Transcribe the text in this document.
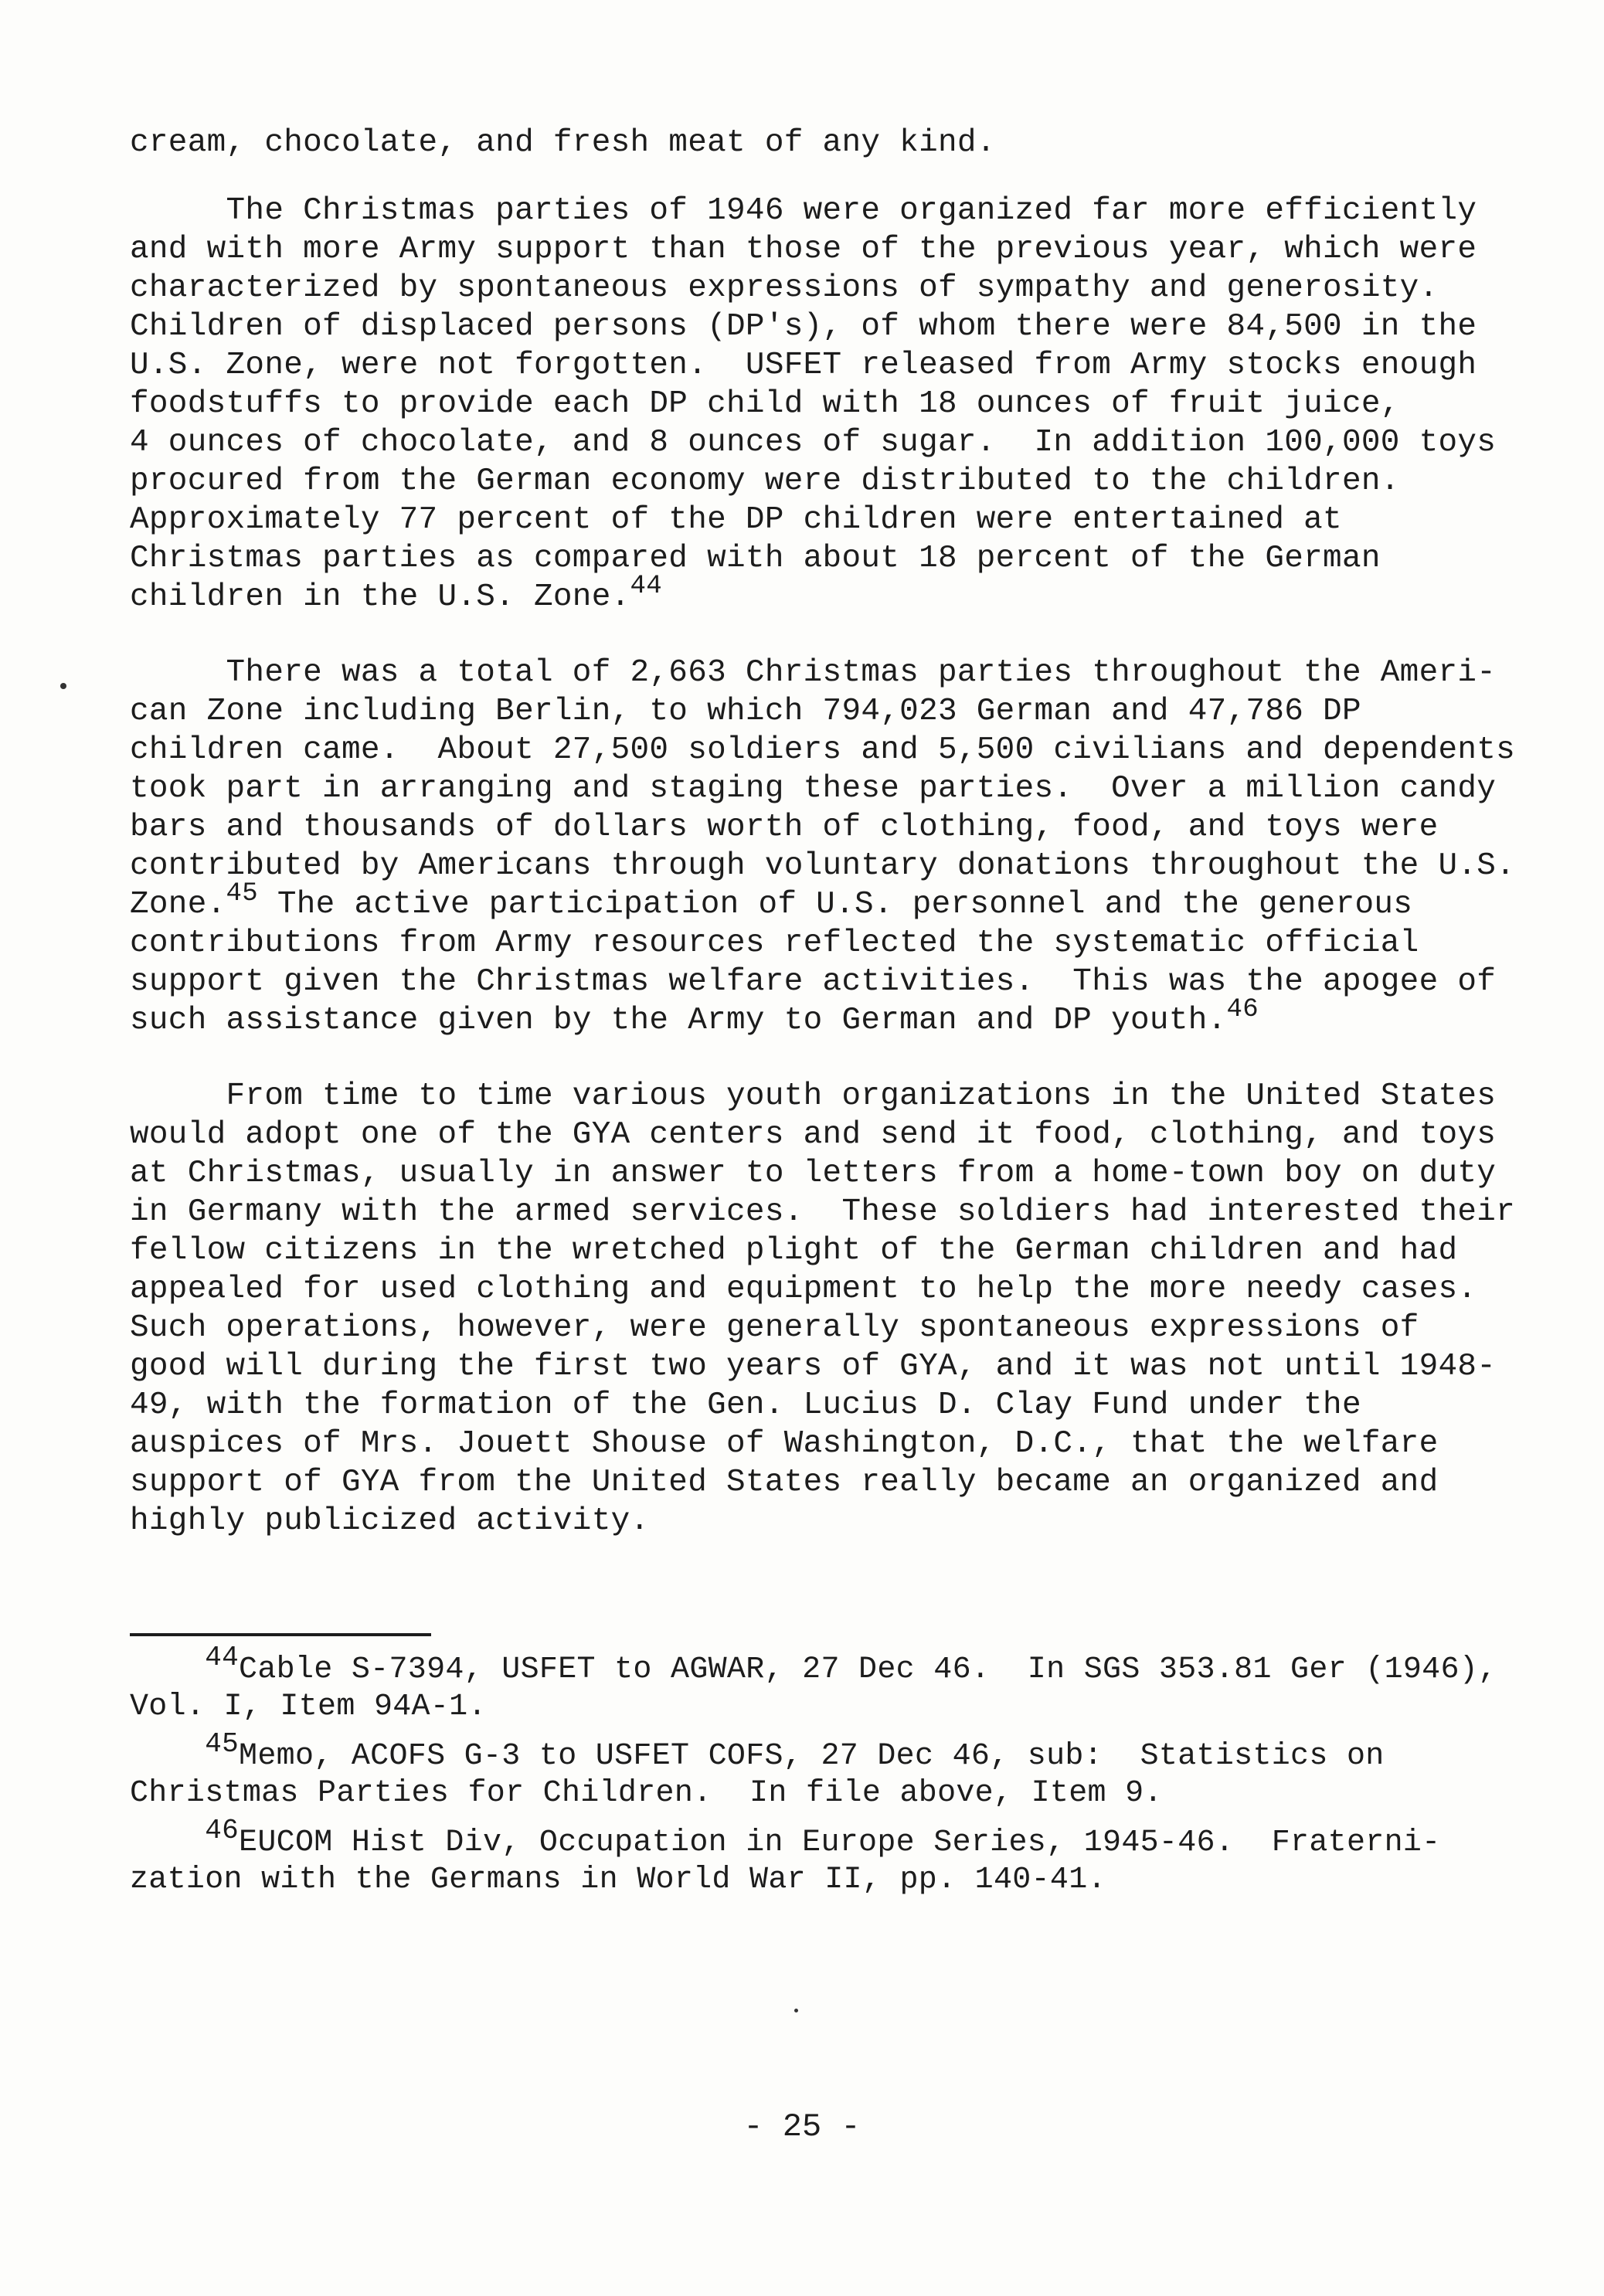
cream, chocolate, and fresh meat of any kind.
The Christmas parties of 1946 were organized far more efficiently
and with more Army support than those of the previous year, which were
characterized by spontaneous expressions of sympathy and generosity.
Children of displaced persons (DP's), of whom there were 84,500 in the
U.S. Zone, were not forgotten.  USFET released from Army stocks enough
foodstuffs to provide each DP child with 18 ounces of fruit juice,
4 ounces of chocolate, and 8 ounces of sugar.  In addition 100,000 toys
procured from the German economy were distributed to the children.
Approximately 77 percent of the DP children were entertained at
Christmas parties as compared with about 18 percent of the German
children in the U.S. Zone.$^{44}$
There was a total of 2,663 Christmas parties throughout the Ameri-
can Zone including Berlin, to which 794,023 German and 47,786 DP
children came.  About 27,500 soldiers and 5,500 civilians and dependents
took part in arranging and staging these parties.  Over a million candy
bars and thousands of dollars worth of clothing, food, and toys were
contributed by Americans through voluntary donations throughout the U.S.
Zone.$^{45}$ The active participation of U.S. personnel and the generous
contributions from Army resources reflected the systematic official
support given the Christmas welfare activities.  This was the apogee of
such assistance given by the Army to German and DP youth.$^{46}$
From time to time various youth organizations in the United States
would adopt one of the GYA centers and send it food, clothing, and toys
at Christmas, usually in answer to letters from a home-town boy on duty
in Germany with the armed services.  These soldiers had interested their
fellow citizens in the wretched plight of the German children and had
appealed for used clothing and equipment to help the more needy cases.
Such operations, however, were generally spontaneous expressions of
good will during the first two years of GYA, and it was not until 1948-
49, with the formation of the Gen. Lucius D. Clay Fund under the
auspices of Mrs. Jouett Shouse of Washington, D.C., that the welfare
support of GYA from the United States really became an organized and
highly publicized activity.
44Cable S-7394, USFET to AGWAR, 27 Dec 46.  In SGS 353.81 Ger (1946),
Vol. I, Item 94A-1.
45Memo, ACOFS G-3 to USFET COFS, 27 Dec 46, sub:  Statistics on
Christmas Parties for Children.  In file above, Item 9.
46EUCOM Hist Div, Occupation in Europe Series, 1945-46.  Fraterni-
zation with the Germans in World War II, pp. 140-41.
- 25 -
